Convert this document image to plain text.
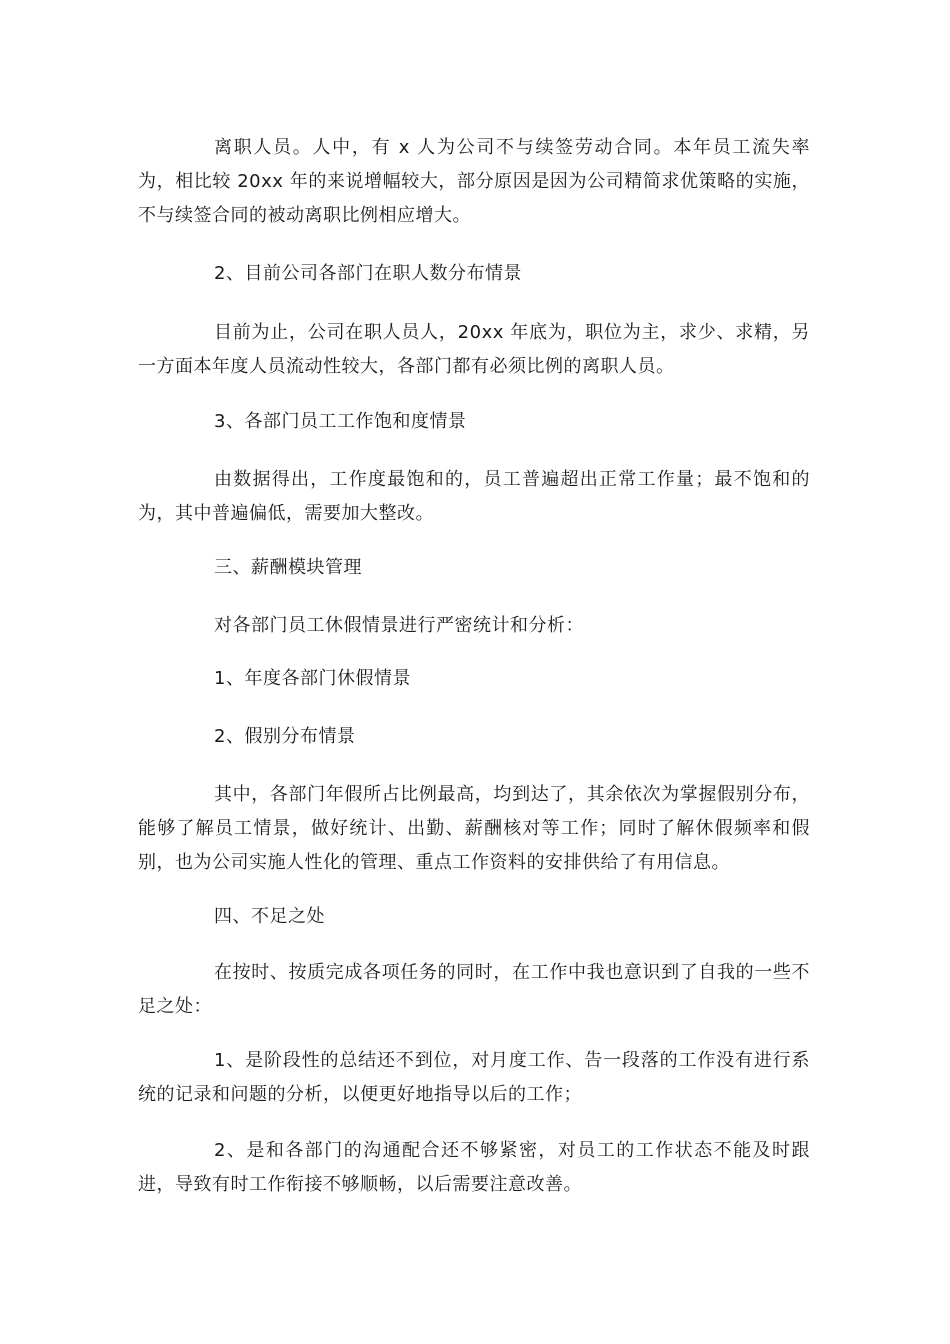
离职人员。人中，有 x 人为公司不与续签劳动合同。本年员工流失率为，相比较 20xx 年的来说增幅较大，部分原因是因为公司精简求优策略的实施，不与续签合同的被动离职比例相应增大。

2、目前公司各部门在职人数分布情景

目前为止，公司在职人员人，20xx 年底为，职位为主，求少、求精，另一方面本年度人员流动性较大，各部门都有必须比例的离职人员。

3、各部门员工工作饱和度情景

由数据得出，工作度最饱和的，员工普遍超出正常工作量；最不饱和的为，其中普遍偏低，需要加大整改。

三、薪酬模块管理

对各部门员工休假情景进行严密统计和分析：

1、年度各部门休假情景

2、假别分布情景

其中，各部门年假所占比例最高，均到达了，其余依次为掌握假别分布，能够了解员工情景，做好统计、出勤、薪酬核对等工作；同时了解休假频率和假别，也为公司实施人性化的管理、重点工作资料的安排供给了有用信息。

四、不足之处

在按时、按质完成各项任务的同时，在工作中我也意识到了自我的一些不足之处：

1、是阶段性的总结还不到位，对月度工作、告一段落的工作没有进行系统的记录和问题的分析，以便更好地指导以后的工作；

2、是和各部门的沟通配合还不够紧密，对员工的工作状态不能及时跟进，导致有时工作衔接不够顺畅，以后需要注意改善。
